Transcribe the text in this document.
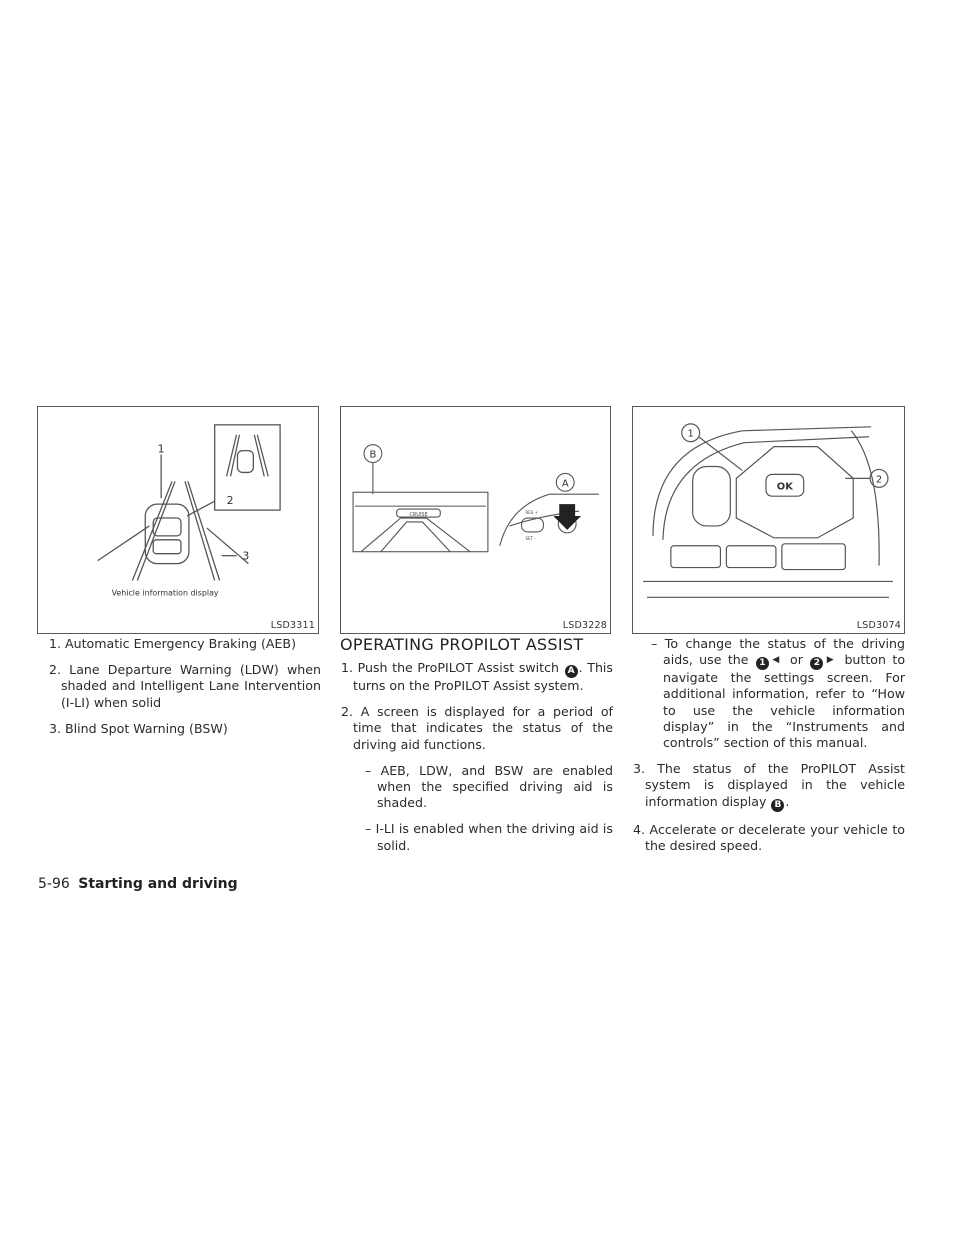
1
2
3
Vehicle information display
LSD3311
B
A
CRUISE	RES +
SET -
LSD3228
1
2
OK
LSD3074

1. Automatic Emergency Braking (AEB)

2. Lane Departure Warning (LDW) when shaded and Intelligent Lane Intervention (I-LI) when solid

3. Blind Spot Warning (BSW)

OPERATING PROPILOT ASSIST

1. Push the ProPILOT Assist switch A . This turns on the ProPILOT Assist system.

2. A screen is displayed for a period of time that indicates the status of the driving aid functions.

– AEB, LDW, and BSW are enabled when the specified driving aid is shaded.

– I-LI is enabled when the driving aid is solid.

– To change the status of the driving aids, use the 1 ◀ or 2 ▶ button to navigate the settings screen. For additional information, refer to “How to use the vehicle information display” in the “Instruments and controls” section of this manual.

3. The status of the ProPILOT Assist system is displayed in the vehicle information display B .

4. Accelerate or decelerate your vehicle to the desired speed.

5-96 Starting and driving
